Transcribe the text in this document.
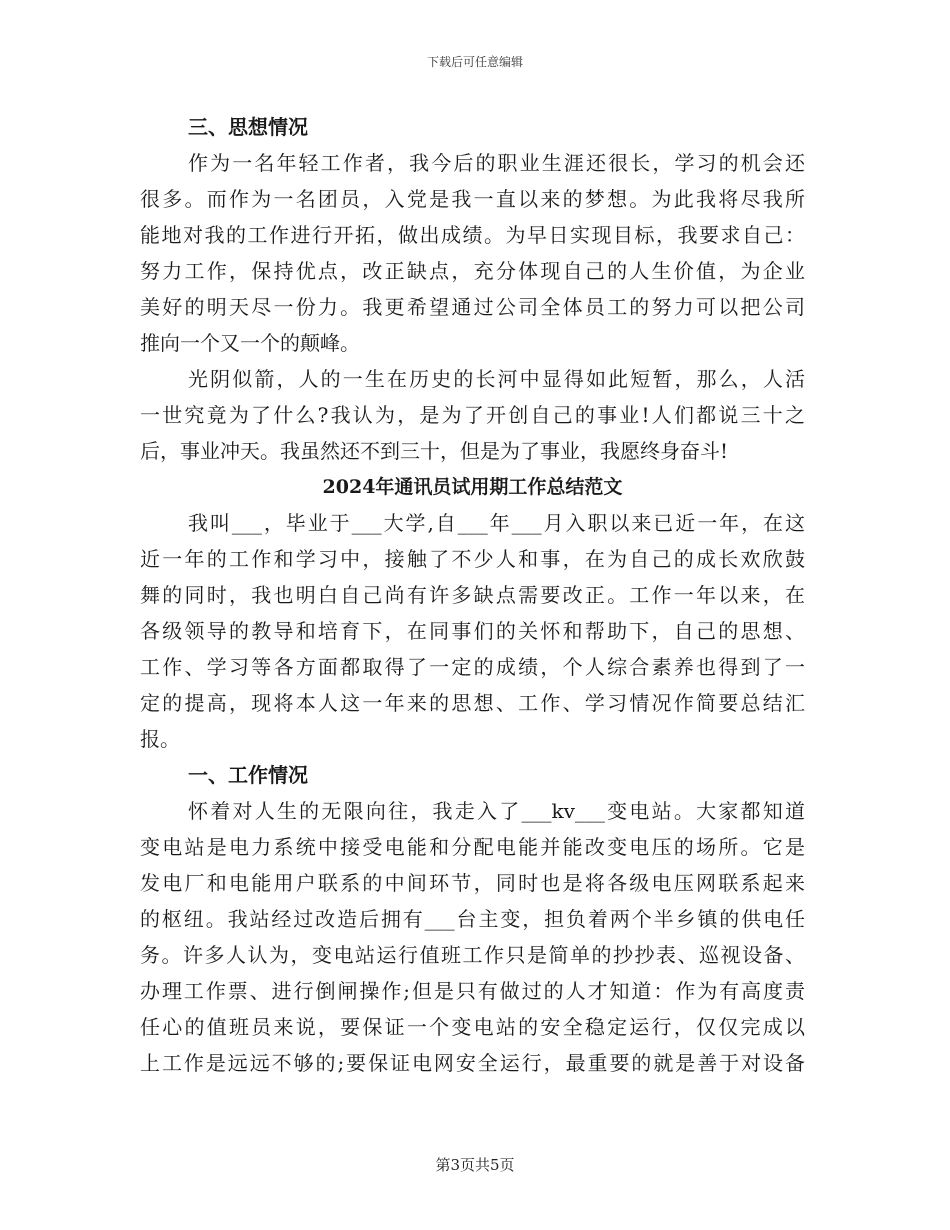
下载后可任意编辑
三、思想情况
作为一名年轻工作者，我今后的职业生涯还很长，学习的机会还
很多。而作为一名团员，入党是我一直以来的梦想。为此我将尽我所
能地对我的工作进行开拓，做出成绩。为早日实现目标，我要求自己：
努力工作，保持优点，改正缺点，充分体现自己的人生价值，为企业
美好的明天尽一份力。我更希望通过公司全体员工的努力可以把公司
推向一个又一个的颠峰。
光阴似箭，人的一生在历史的长河中显得如此短暂，那么，人活
一世究竟为了什么?我认为，是为了开创自己的事业!人们都说三十之
后，事业冲天。我虽然还不到三十，但是为了事业，我愿终身奋斗!
2024年通讯员试用期工作总结范文
我叫___，毕业于___大学,自___年___月入职以来已近一年，在这
近一年的工作和学习中，接触了不少人和事，在为自己的成长欢欣鼓
舞的同时，我也明白自己尚有许多缺点需要改正。工作一年以来，在
各级领导的教导和培育下，在同事们的关怀和帮助下，自己的思想、
工作、学习等各方面都取得了一定的成绩，个人综合素养也得到了一
定的提高，现将本人这一年来的思想、工作、学习情况作简要总结汇
报。
一、工作情况
怀着对人生的无限向往，我走入了___kv___变电站。大家都知道
变电站是电力系统中接受电能和分配电能并能改变电压的场所。它是
发电厂和电能用户联系的中间环节，同时也是将各级电压网联系起来
的枢纽。我站经过改造后拥有___台主变，担负着两个半乡镇的供电任
务。许多人认为，变电站运行值班工作只是简单的抄抄表、巡视设备、
办理工作票、进行倒闸操作;但是只有做过的人才知道：作为有高度责
任心的值班员来说，要保证一个变电站的安全稳定运行，仅仅完成以
上工作是远远不够的;要保证电网安全运行，最重要的就是善于对设备
第3页共5页
